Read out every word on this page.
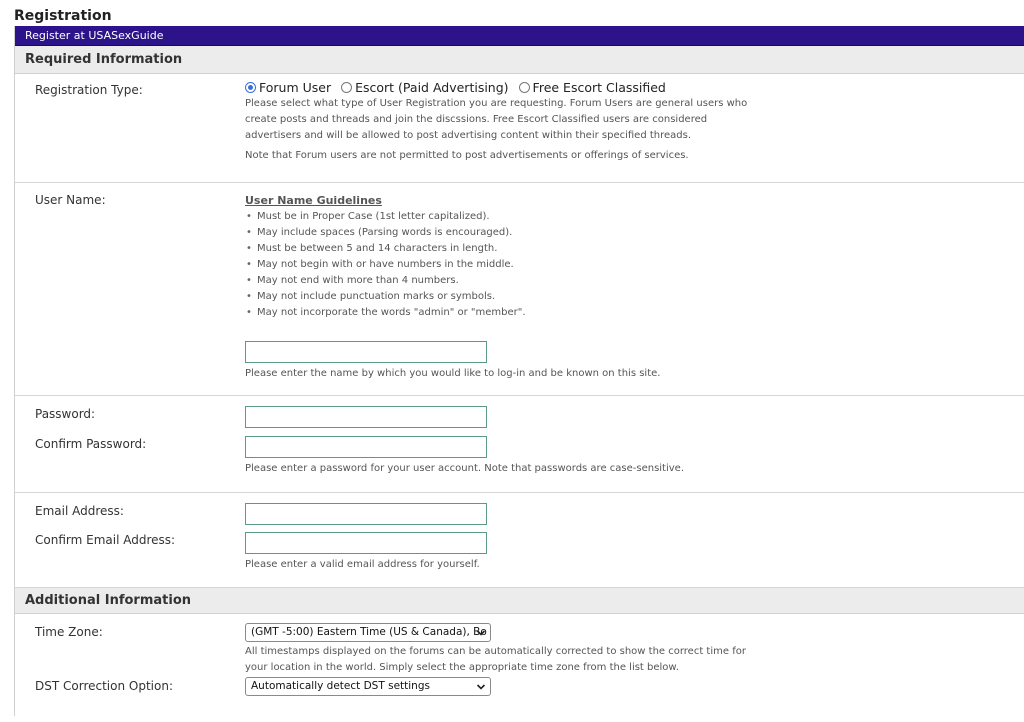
Registration
Register at USASexGuide
Required Information
Registration Type:	Forum User Escort (Paid Advertising) Free Escort Classified
Please select what type of User Registration you are requesting. Forum Users are general users who
create posts and threads and join the discssions. Free Escort Classified users are considered
advertisers and will be allowed to post advertising content within their specified threads.
Note that Forum users are not permitted to post advertisements or offerings of services.
User Name:	User Name Guidelines
• Must be in Proper Case (1st letter capitalized).
• May include spaces (Parsing words is encouraged).
• Must be between 5 and 14 characters in length.
• May not begin with or have numbers in the middle.
• May not end with more than 4 numbers.
• May not include punctuation marks or symbols.
• May not incorporate the words "admin" or "member".
Please enter the name by which you would like to log-in and be known on this site.
Password:
Confirm Password:
Please enter a password for your user account. Note that passwords are case-sensitive.
Email Address:
Confirm Email Address:
Please enter a valid email address for yourself.
Additional Information
Time Zone:	(GMT -5:00) Eastern Time (US & Canada), Bo
All timestamps displayed on the forums can be automatically corrected to show the correct time for
your location in the world. Simply select the appropriate time zone from the list below.
DST Correction Option:	Automatically detect DST settings
